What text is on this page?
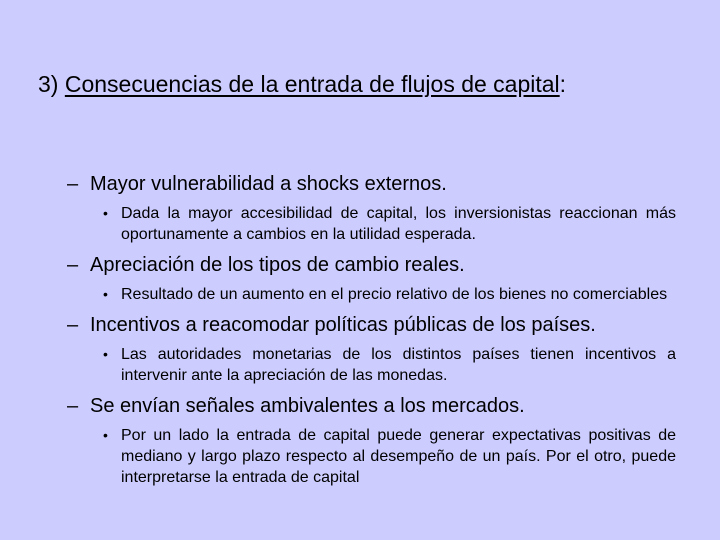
3) Consecuencias de la entrada de flujos de capital:
– Mayor vulnerabilidad a shocks externos.
• Dada la mayor accesibilidad de capital, los inversionistas reaccionan más oportunamente a cambios en la utilidad esperada.
– Apreciación de los tipos de cambio reales.
• Resultado de un aumento en el precio relativo de los bienes no comerciables
– Incentivos a reacomodar políticas públicas de los países.
• Las autoridades monetarias de los distintos países tienen incentivos a intervenir ante la apreciación de las monedas.
– Se envían señales ambivalentes a los mercados.
• Por un lado la entrada de capital puede generar expectativas positivas de mediano y largo plazo respecto al desempeño de un país. Por el otro, puede interpretarse la entrada de capital
